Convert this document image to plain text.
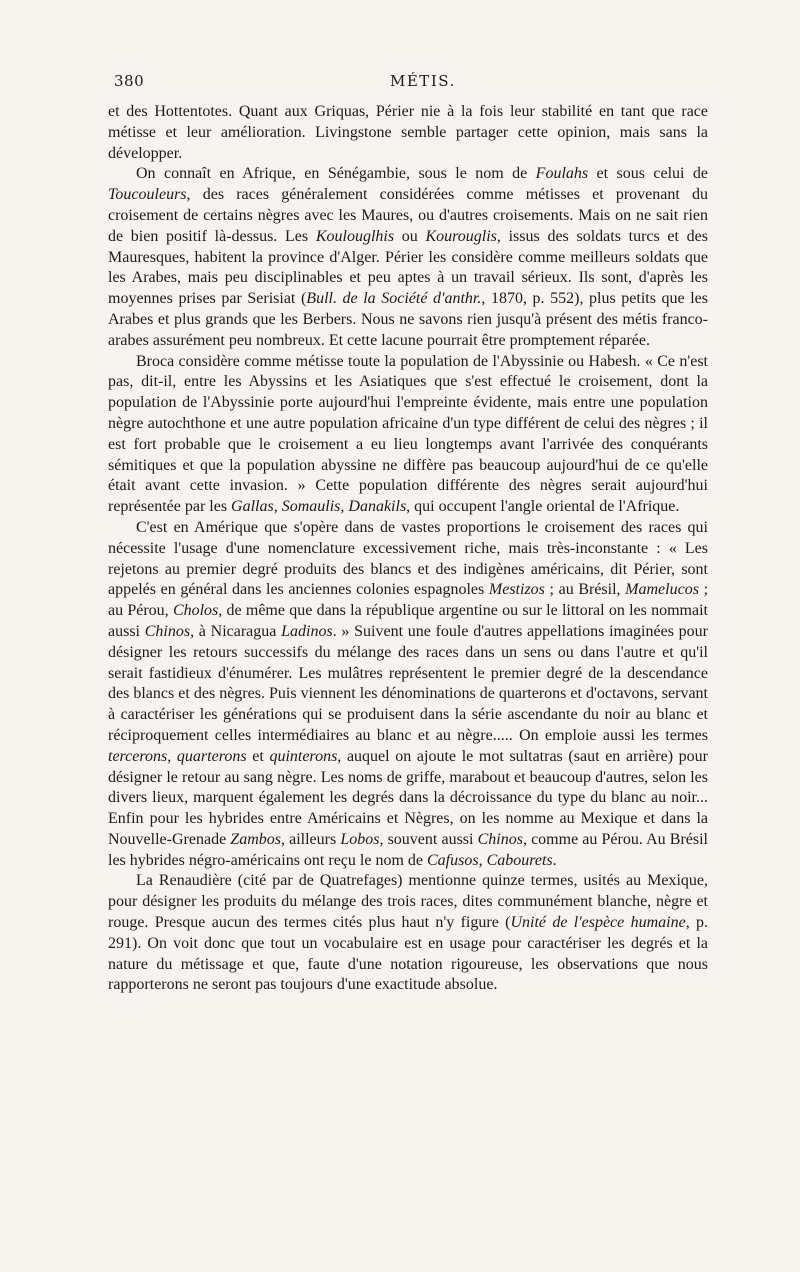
380	MÉTIS.

et des Hottentotes. Quant aux Griquas, Périer nie à la fois leur stabilité en tant que race métisse et leur amélioration. Livingstone semble partager cette opinion, mais sans la développer.

On connaît en Afrique, en Sénégambie, sous le nom de Foulahs et sous celui de Toucouleurs, des races généralement considérées comme métisses et provenant du croisement de certains nègres avec les Maures, ou d'autres croisements. Mais on ne sait rien de bien positif là-dessus. Les Koulouglhis ou Kourouglis, issus des soldats turcs et des Mauresques, habitent la province d'Alger. Périer les considère comme meilleurs soldats que les Arabes, mais peu disciplinables et peu aptes à un travail sérieux. Ils sont, d'après les moyennes prises par Serisiat (Bull. de la Société d'anthr., 1870, p. 552), plus petits que les Arabes et plus grands que les Berbers. Nous ne savons rien jusqu'à présent des métis franco-arabes assurément peu nombreux. Et cette lacune pourrait être promptement réparée.

Broca considère comme métisse toute la population de l'Abyssinie ou Habesh. « Ce n'est pas, dit-il, entre les Abyssins et les Asiatiques que s'est effectué le croisement, dont la population de l'Abyssinie porte aujourd'hui l'empreinte évidente, mais entre une population nègre autochthone et une autre population africaine d'un type différent de celui des nègres ; il est fort probable que le croisement a eu lieu longtemps avant l'arrivée des conquérants sémitiques et que la population abyssine ne diffère pas beaucoup aujourd'hui de ce qu'elle était avant cette invasion. » Cette population différente des nègres serait aujourd'hui représentée par les Gallas, Somaulis, Danakils, qui occupent l'angle oriental de l'Afrique.

C'est en Amérique que s'opère dans de vastes proportions le croisement des races qui nécessite l'usage d'une nomenclature excessivement riche, mais très-inconstante : « Les rejetons au premier degré produits des blancs et des indigènes américains, dit Périer, sont appelés en général dans les anciennes colonies espagnoles Mestizos ; au Brésil, Mamelucos ; au Pérou, Cholos, de même que dans la république argentine ou sur le littoral on les nommait aussi Chinos, à Nicaragua Ladinos. » Suivent une foule d'autres appellations imaginées pour désigner les retours successifs du mélange des races dans un sens ou dans l'autre et qu'il serait fastidieux d'énumérer. Les mulâtres représentent le premier degré de la descendance des blancs et des nègres. Puis viennent les dénominations de quarterons et d'octavons, servant à caractériser les générations qui se produisent dans la série ascendante du noir au blanc et réciproquement celles intermédiaires au blanc et au nègre..... On emploie aussi les termes tercerons, quarterons et quinterons, auquel on ajoute le mot sultatras (saut en arrière) pour désigner le retour au sang nègre. Les noms de griffe, marabout et beaucoup d'autres, selon les divers lieux, marquent également les degrés dans la décroissance du type du blanc au noir... Enfin pour les hybrides entre Américains et Nègres, on les nomme au Mexique et dans la Nouvelle-Grenade Zambos, ailleurs Lobos, souvent aussi Chinos, comme au Pérou. Au Brésil les hybrides négro-américains ont reçu le nom de Cafusos, Cabourets.

La Renaudière (cité par de Quatrefages) mentionne quinze termes, usités au Mexique, pour désigner les produits du mélange des trois races, dites communément blanche, nègre et rouge. Presque aucun des termes cités plus haut n'y figure (Unité de l'espèce humaine, p. 291). On voit donc que tout un vocabulaire est en usage pour caractériser les degrés et la nature du métissage et que, faute d'une notation rigoureuse, les observations que nous rapporterons ne seront pas toujours d'une exactitude absolue.
